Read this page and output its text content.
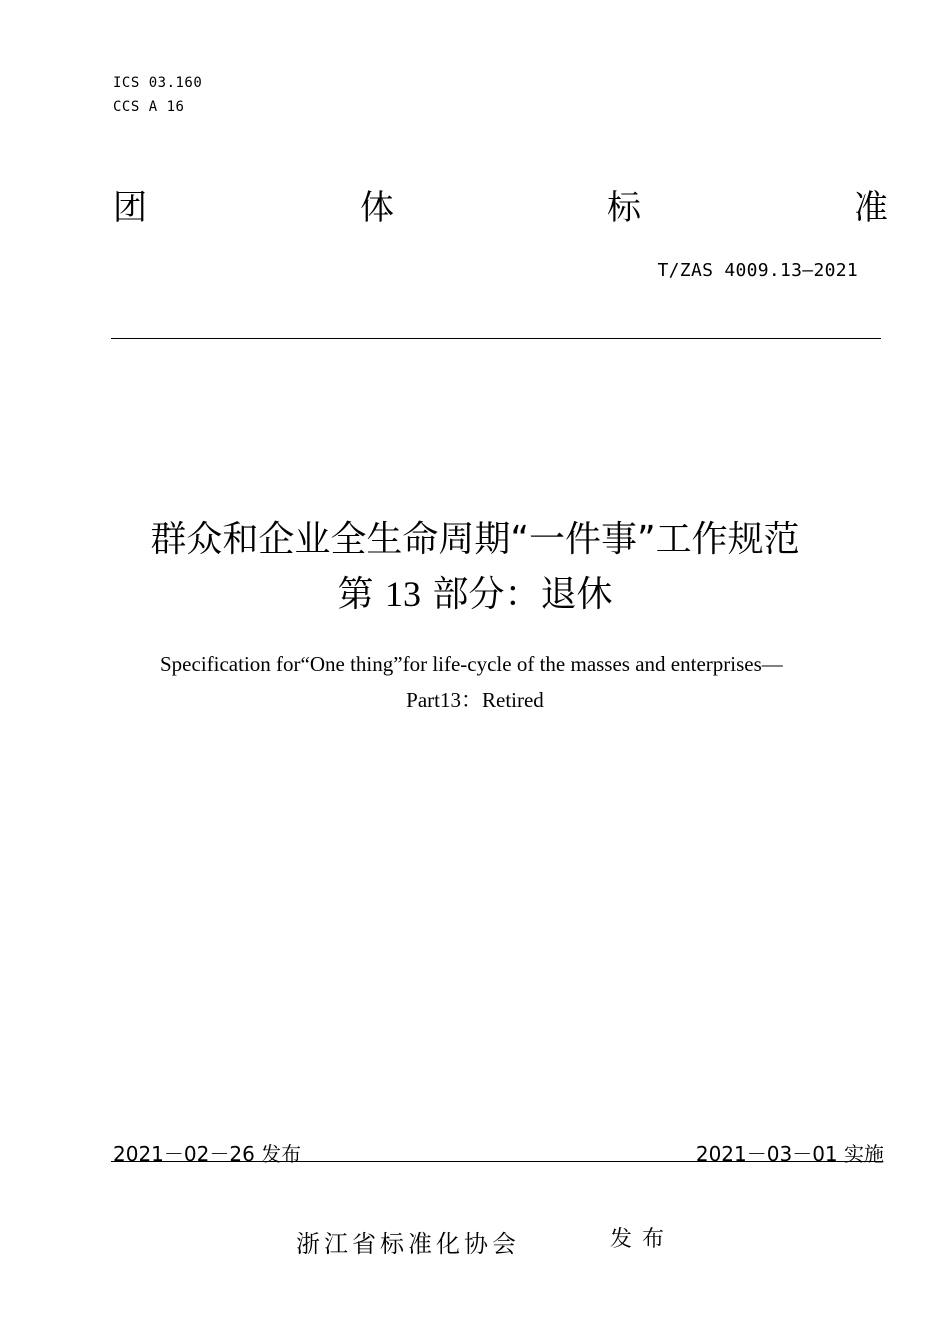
ICS 03.160
CCS A 16
团	体	标	准
T/ZAS 4009.13—2021
群众和企业全生命周期“一件事”工作规范
第 13 部分：退休
Specification for“One thing”for life-cycle of the masses and enterprises—
Part13：Retired
2021－02－26 发布	2021－03－01 实施
浙江省标准化协会	发布
